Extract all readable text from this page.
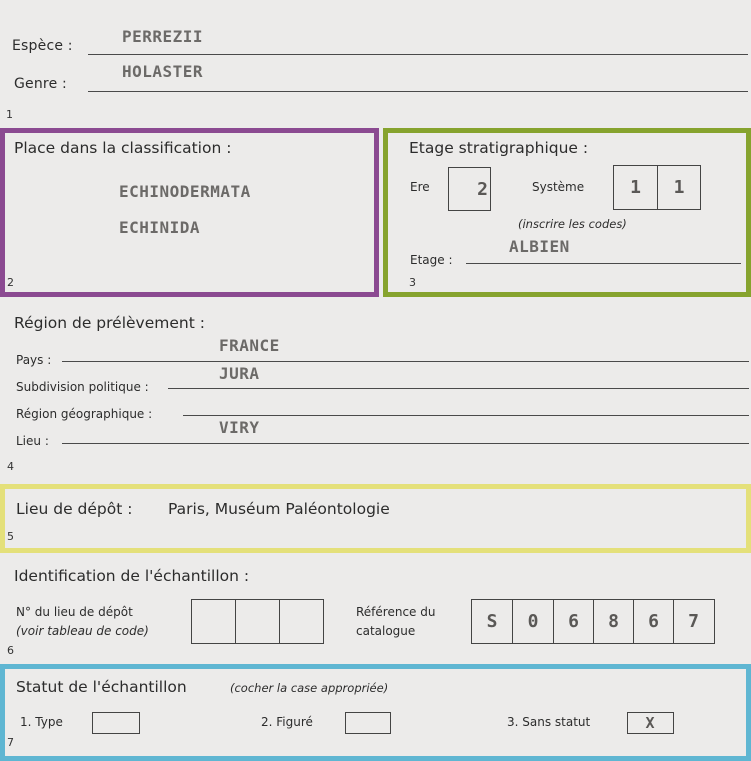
Espèce :	PERREZII
Genre :
HOLASTER
1
Place dans la classification :
ECHINODERMATA
ECHINIDA
2
Etage stratigraphique :
Ere	2	Système	1	1
(inscrire les codes)
Etage :
ALBIEN
3
Région de prélèvement :
Pays :
FRANCE
Subdivision politique :
JURA
Région géographique :
Lieu :
VIRY
4
Lieu de dépôt : Paris, Muséum Paléontologie
5
Identification de l'échantillon :
N° du lieu de dépôt
(voir tableau de code)
Référence du
catalogue	S	0	6	8	6	7
6
Statut de l'échantillon	(cocher la case appropriée)
1. Type	2. Figuré	3. Sans statut	X
7
